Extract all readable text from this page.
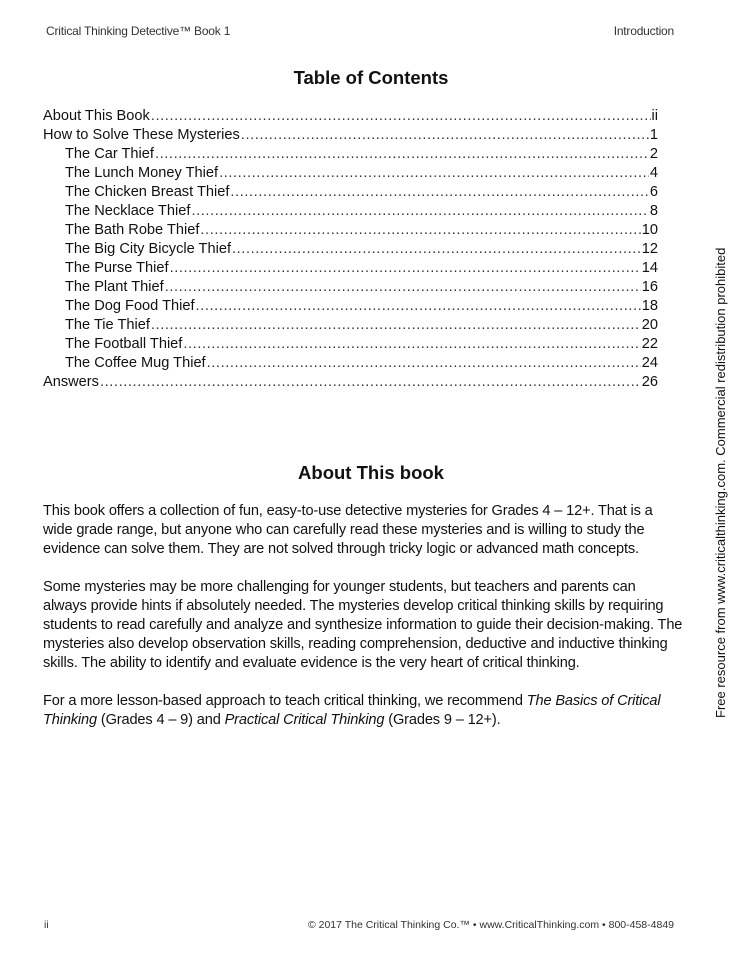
Critical Thinking Detective™ Book 1	Introduction
Table of Contents
About This Book .....	ii
How to Solve These Mysteries .....	1
The Car Thief .....	2
The Lunch Money Thief .....	4
The Chicken Breast Thief .....	6
The Necklace Thief .....	8
The Bath Robe Thief .....	10
The Big City Bicycle Thief .....	12
The Purse Thief .....	14
The Plant Thief .....	16
The Dog Food Thief .....	18
The Tie Thief .....	20
The Football Thief .....	22
The Coffee Mug Thief .....	24
Answers .....	26
About This book

This book offers a collection of fun, easy-to-use detective mysteries for Grades 4 – 12+. That is a wide grade range, but anyone who can carefully read these mysteries and is willing to study the evidence can solve them. They are not solved through tricky logic or advanced math concepts.

Some mysteries may be more challenging for younger students, but teachers and parents can always provide hints if absolutely needed. The mysteries develop critical thinking skills by requiring students to read carefully and analyze and synthesize information to guide their decision-making. The mysteries also develop observation skills, reading comprehension, deductive and inductive thinking skills. The ability to identify and evaluate evidence is the very heart of critical thinking.

For a more lesson-based approach to teach critical thinking, we recommend The Basics of Critical Thinking (Grades 4 – 9) and Practical Critical Thinking (Grades 9 – 12+).

Free resource from www.criticalthinking.com. Commercial redistribution prohibited
ii	© 2017 The Critical Thinking Co.™ • www.CriticalThinking.com • 800-458-4849
